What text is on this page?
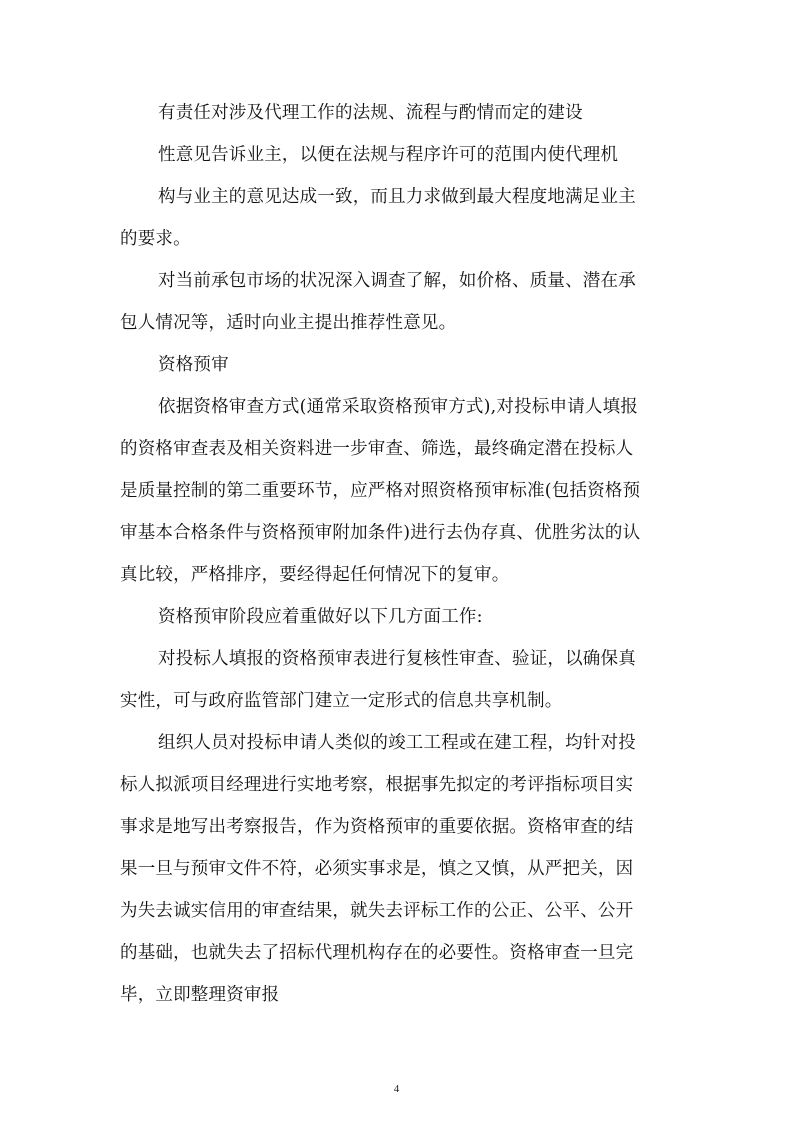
有责任对涉及代理工作的法规、流程与酌情而定的建设
性意见告诉业主，以便在法规与程序许可的范围内使代理机
构与业主的意见达成一致，而且力求做到最大程度地满足业主
的要求。
对当前承包市场的状况深入调查了解，如价格、质量、潜在承
包人情况等，适时向业主提出推荐性意见。
资格预审
依据资格审查方式(通常采取资格预审方式),对投标申请人填报
的资格审查表及相关资料进一步审查、筛选，最终确定潜在投标人
是质量控制的第二重要环节，应严格对照资格预审标准(包括资格预
审基本合格条件与资格预审附加条件)进行去伪存真、优胜劣汰的认
真比较，严格排序，要经得起任何情况下的复审。
资格预审阶段应着重做好以下几方面工作:
对投标人填报的资格预审表进行复核性审查、验证，以确保真
实性，可与政府监管部门建立一定形式的信息共享机制。
组织人员对投标申请人类似的竣工工程或在建工程，均针对投
标人拟派项目经理进行实地考察，根据事先拟定的考评指标项目实
事求是地写出考察报告，作为资格预审的重要依据。资格审查的结
果一旦与预审文件不符，必须实事求是，慎之又慎，从严把关，因
为失去诚实信用的审查结果，就失去评标工作的公正、公平、公开
的基础，也就失去了招标代理机构存在的必要性。资格审查一旦完
毕，立即整理资审报
4
